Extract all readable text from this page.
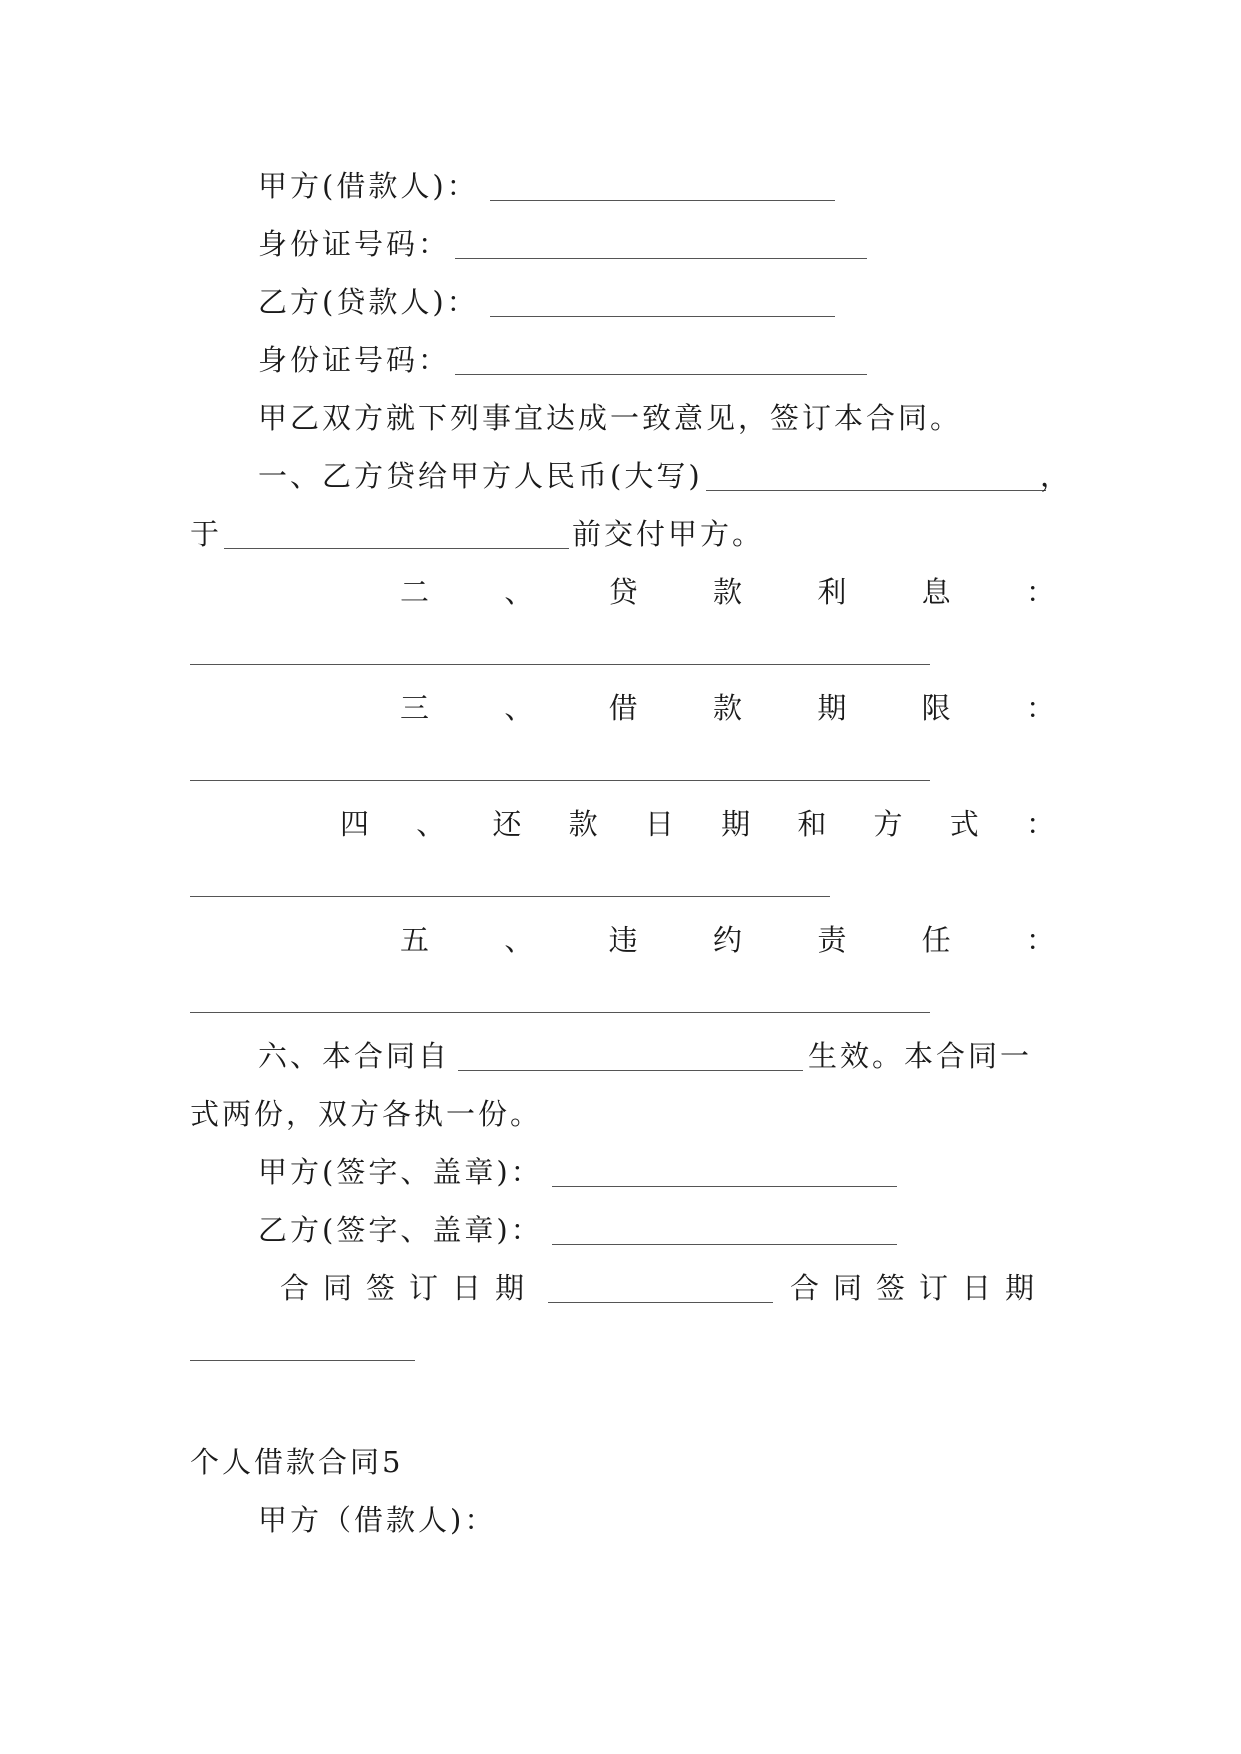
甲方(借款人)：
身份证号码：
乙方(贷款人)：
身份证号码：
甲乙双方就下列事宜达成一致意见，签订本合同。
一、乙方贷给甲方人民币(大写)	，
于	前交付甲方。
二 、 贷 款 利 息 ：
三 、 借 款 期 限 ：
四 、 还 款 日 期 和 方 式 ：
五 、 违 约 责 任 ：
六、本合同自	生效。本合同一
式两份，双方各执一份。
甲方(签字、盖章)：
乙方(签字、盖章)：
合同签订日期	合同签订日期
个人借款合同5
甲方（借款人)：
